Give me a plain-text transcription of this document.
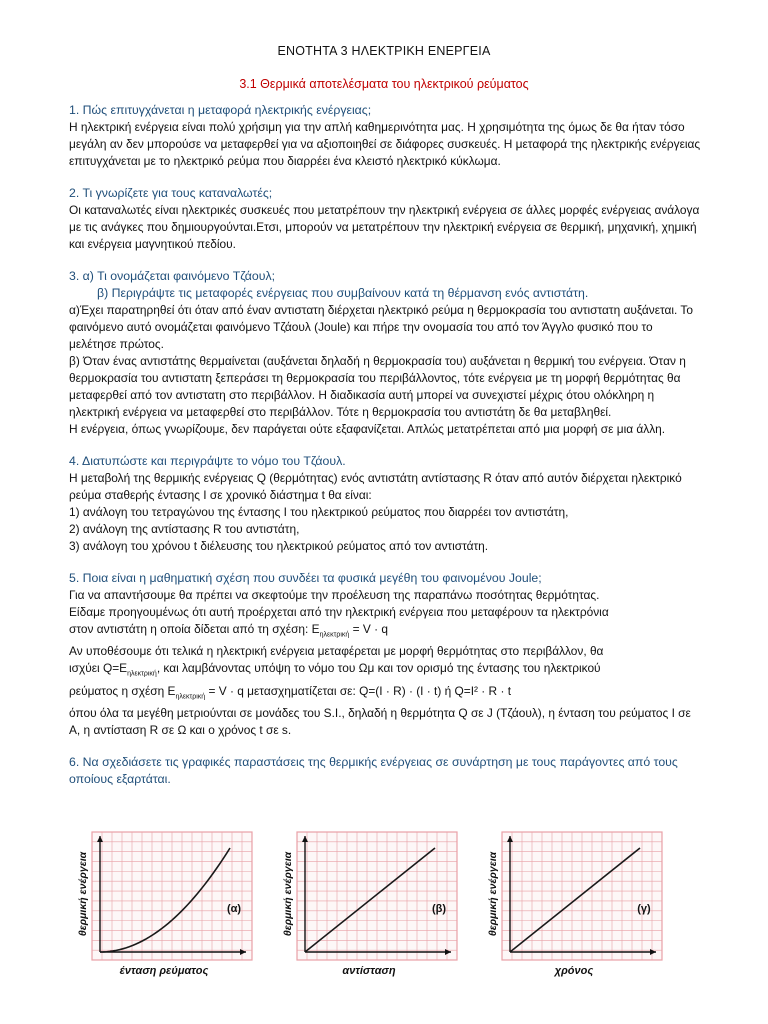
ΕΝΟΤΗΤΑ 3 ΗΛΕΚΤΡΙΚΗ ΕΝΕΡΓΕΙΑ
3.1 Θερμικά αποτελέσματα του ηλεκτρικού ρεύματος

1. Πώς επιτυγχάνεται η μεταφορά ηλεκτρικής ενέργειας;

Η ηλεκτρική ενέργεια είναι πολύ χρήσιμη για την απλή καθημερινότητα μας. Η χρησιμότητα της όμως δε θα ήταν τόσο μεγάλη αν δεν μπορούσε να μεταφερθεί για να αξιοποιηθεί σε διάφορες συσκευές. Η μεταφορά της ηλεκτρικής ενέργειας επιτυγχάνεται με το ηλεκτρικό ρεύμα που διαρρέει ένα κλειστό ηλεκτρικό κύκλωμα.

2. Τι γνωρίζετε για τους καταναλωτές;

Οι καταναλωτές είναι ηλεκτρικές συσκευές που μετατρέπουν την ηλεκτρική ενέργεια σε άλλες μορφές ενέργειας ανάλογα με τις ανάγκες που δημιουργούνται.Ετσι, μπορούν να μετατρέπουν την ηλεκτρική ενέργεια σε θερμική, μηχανική, χημική και ενέργεια μαγνητικού πεδίου.

3. α) Τι ονομάζεται φαινόμενο Τζάουλ;

β) Περιγράψτε τις μεταφορές ενέργειας που συμβαίνουν κατά τη θέρμανση ενός αντιστάτη.

α)Έχει παρατηρηθεί ότι όταν από έναν αντιστατη διέρχεται ηλεκτρικό ρεύμα η θερμοκρασία του αντιστατη αυξάνεται. Το φαινόμενο αυτό ονομάζεται φαινόμενο Τζάουλ (Joule) και πήρε την ονομασία του από τον Άγγλο φυσικό που το μελέτησε πρώτος.

β) Όταν ένας αντιστάτης θερμαίνεται (αυξάνεται δηλαδή η θερμοκρασία του) αυξάνεται η θερμική του ενέργεια. Όταν η θερμοκρασία του αντιστατη ξεπεράσει τη θερμοκρασία του περιβάλλοντος, τότε ενέργεια με τη μορφή θερμότητας θα μεταφερθεί από τον αντιστατη στο περιβάλλον. Η διαδικασία αυτή μπορεί να συνεχιστεί μέχρις ότου ολόκληρη η ηλεκτρική ενέργεια να μεταφερθεί στο περιβάλλον. Τότε η θερμοκρασία του αντιστάτη δε θα μεταβληθεί.

Η ενέργεια, όπως γνωρίζουμε, δεν παράγεται ούτε εξαφανίζεται. Απλώς μετατρέπεται από μια μορφή σε μια άλλη.

4. Διατυπώστε και περιγράψτε το νόμο του Τζάουλ.

Η μεταβολή της θερμικής ενέργειας Q (θερμότητας) ενός αντιστάτη αντίστασης R όταν από αυτόν διέρχεται ηλεκτρικό ρεύμα σταθερής έντασης I σε χρονικό διάστημα t θα είναι:

1) ανάλογη του τετραγώνου της έντασης I του ηλεκτρικού ρεύματος που διαρρέει τον αντιστάτη,

2) ανάλογη της αντίστασης R του αντιστάτη,

3) ανάλογη του χρόνου t διέλευσης του ηλεκτρικού ρεύματος από τον αντιστάτη.

5. Ποια είναι η μαθηματική σχέση που συνδέει τα φυσικά μεγέθη του φαινομένου Joule;

Για να απαντήσουμε θα πρέπει να σκεφτούμε την προέλευση της παραπάνω ποσότητας θερμότητας.

Είδαμε προηγουμένως ότι αυτή προέρχεται από την ηλεκτρική ενέργεια που μεταφέρουν τα ηλεκτρόνια

στον αντιστάτη η οποία δίδεται από τη σχέση: $E_{\eta\lambda\varepsilon\kappa\tau\rho\iota\kappa ή} = V \cdot q$

Αν υποθέσουμε ότι τελικά η ηλεκτρική ενέργεια μεταφέρεται με μορφή θερμότητας στο περιβάλλον, θα

ισχύει $Q=E_{\eta\lambda\varepsilon\kappa\tau\rho\iota\kappa ή}$, και λαμβάνοντας υπόψη το νόμο του Ωμ και τον ορισμό της έντασης του ηλεκτρικού

ρεύματος η σχέση $E_{\eta\lambda\varepsilon\kappa\tau\rho\iota\kappa ή} = V \cdot q$ μετασχηματίζεται σε: Q=(I · R) · (I · t) ή Q=I² · R · t

όπου όλα τα μεγέθη μετριούνται σε μονάδες του S.I., δηλαδή η θερμότητα Q σε J (Τζάουλ), η ένταση του ρεύματος I σε A, η αντίσταση R σε Ω και ο χρόνος t σε s.

6. Να σχεδιάσετε τις γραφικές παραστάσεις της θερμικής ενέργειας σε συνάρτηση με τους παράγοντες από τους οποίους εξαρτάται.

ένταση ρεύματος
θερμική ενέργεια	(α)
αντίσταση
θερμική ενέργεια	(β)
χρόνος
θερμική ενέργεια	(γ)
